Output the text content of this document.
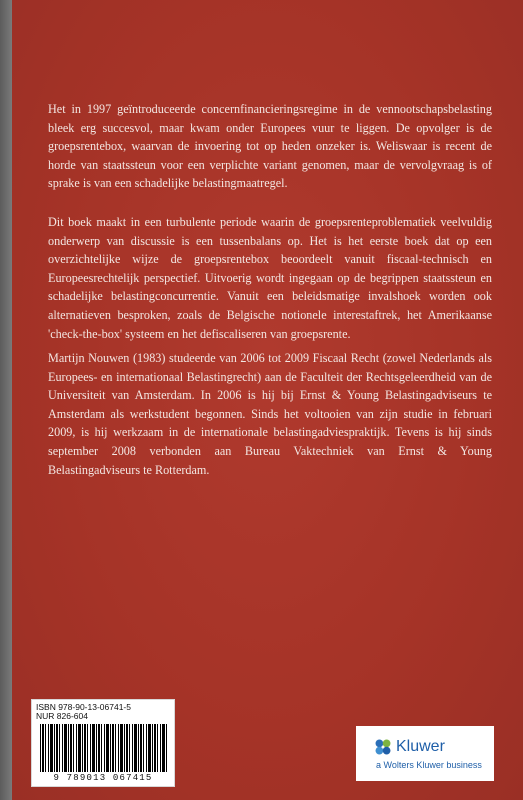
Het in 1997 geïntroduceerde concernfinancieringsregime in de vennootschapsbelasting bleek erg succesvol, maar kwam onder Europees vuur te liggen. De opvolger is de groepsrentebox, waarvan de invoering tot op heden onzeker is. Weliswaar is recent de horde van staatssteun voor een verplichte variant genomen, maar de vervolgvraag is of sprake is van een schadelijke belastingmaatregel.

Dit boek maakt in een turbulente periode waarin de groepsrenteproblematiek veelvuldig onderwerp van discussie is een tussenbalans op. Het is het eerste boek dat op een overzichtelijke wijze de groepsrentebox beoordeelt vanuit fiscaal-technisch en Europeesrechtelijk perspectief. Uitvoerig wordt ingegaan op de begrippen staatssteun en schadelijke belastingconcurrentie. Vanuit een beleidsmatige invalshoek worden ook alternatieven besproken, zoals de Belgische notionele interestaftrek, het Amerikaanse 'check-the-box' systeem en het defiscaliseren van groepsrente.

Martijn Nouwen (1983) studeerde van 2006 tot 2009 Fiscaal Recht (zowel Nederlands als Europees- en internationaal Belastingrecht) aan de Faculteit der Rechtsgeleerdheid van de Universiteit van Amsterdam. In 2006 is hij bij Ernst & Young Belastingadviseurs te Amsterdam als werkstudent begonnen. Sinds het voltooien van zijn studie in februari 2009, is hij werkzaam in de internationale belastingadviespraktijk. Tevens is hij sinds september 2008 verbonden aan Bureau Vaktechniek van Ernst & Young Belastingadviseurs te Rotterdam.

ISBN 978-90-13-06741-5
NUR 826-604
9 789013 067415
Kluwer
a Wolters Kluwer business
